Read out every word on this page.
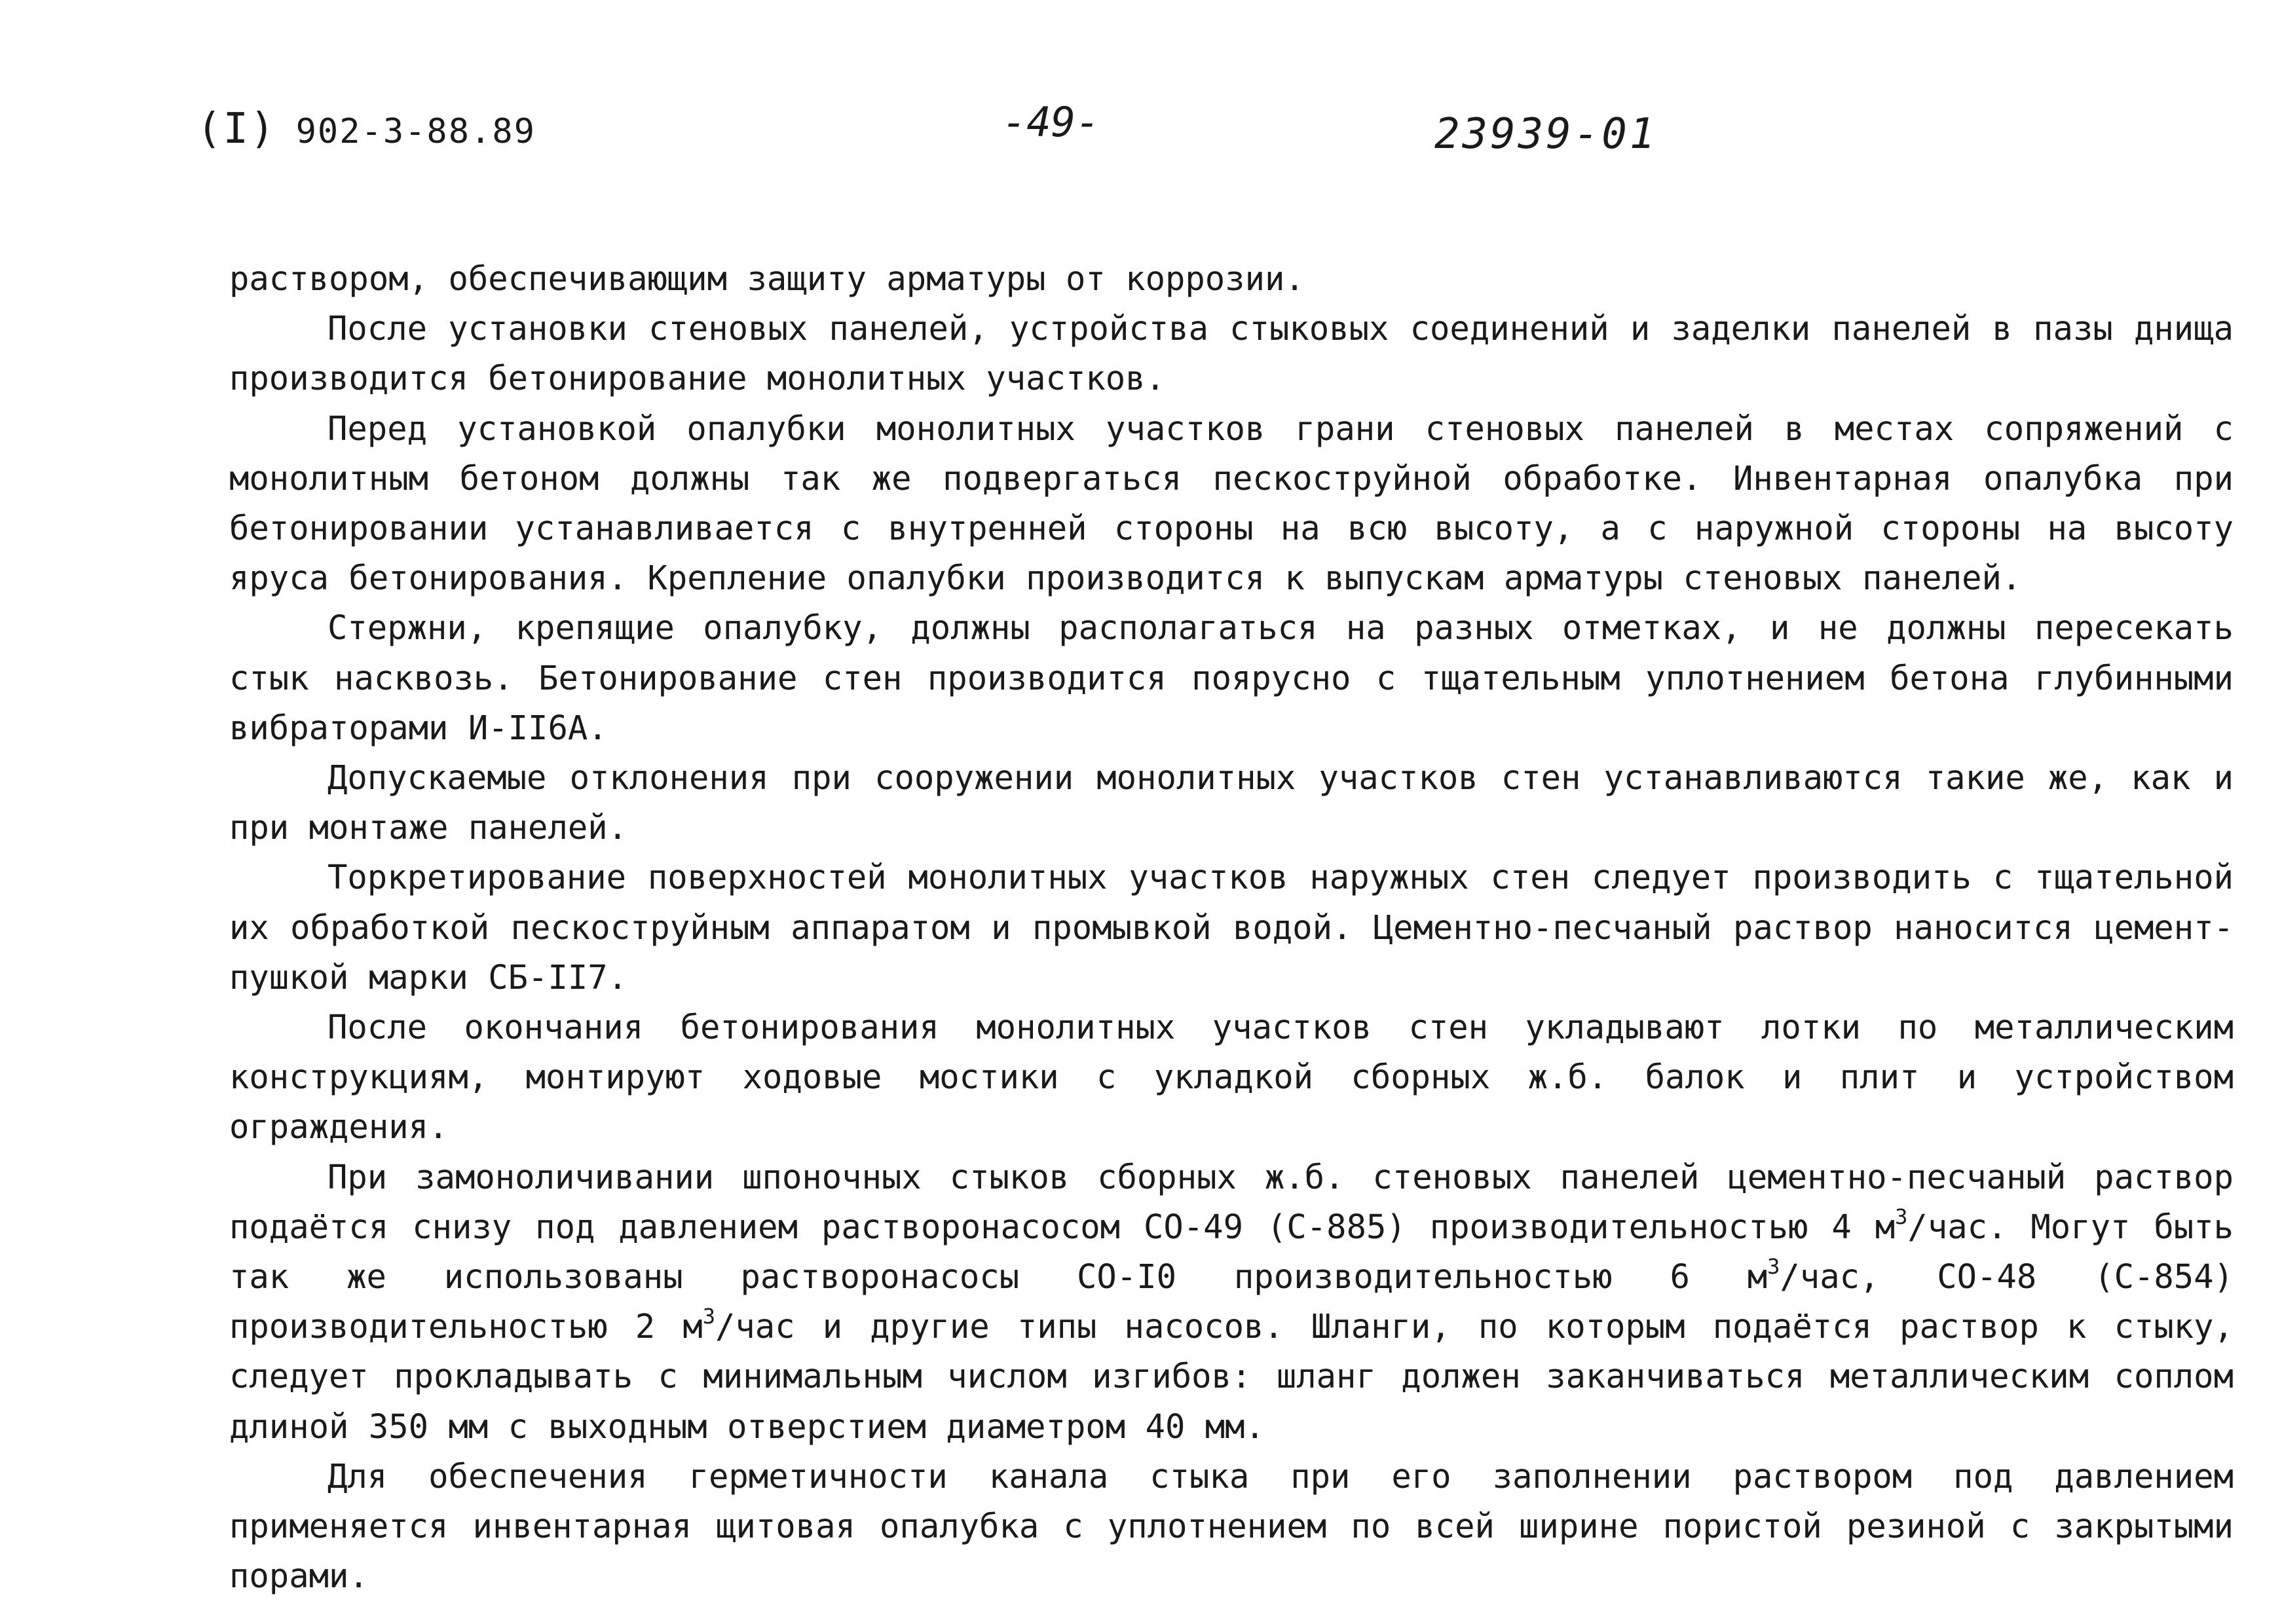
(I) 902-3-88.89	-49-	23939-01

раствором, обеспечивающим защиту арматуры от коррозии.

После установки стеновых панелей, устройства стыковых соединений и заделки панелей в пазы днища производится бетонирование монолитных участков.

Перед установкой опалубки монолитных участков грани стеновых панелей в местах сопряжений с монолитным бетоном должны так же подвергаться пескоструйной обработке. Инвентарная опалубка при бетонировании устанавливается с внутренней стороны на всю высоту, а с наружной стороны на высоту яруса бетонирования. Крепление опалубки производится к выпускам арматуры стеновых панелей.

Стержни, крепящие опалубку, должны располагаться на разных отметках, и не должны пересекать стык насквозь. Бетонирование стен производится поярусно с тщательным уплотнением бетона глубинными вибраторами И-II6А.

Допускаемые отклонения при сооружении монолитных участков стен устанавливаются такие же, как и при монтаже панелей.

Торкретирование поверхностей монолитных участков наружных стен следует производить с тщательной их обработкой пескоструйным аппаратом и промывкой водой. Цементно-песчаный раствор наносится цемент-пушкой марки СБ-II7.

После окончания бетонирования монолитных участков стен укладывают лотки по металлическим конструкциям, монтируют ходовые мостики с укладкой сборных ж.б. балок и плит и устройством ограждения.

При замоноличивании шпоночных стыков сборных ж.б. стеновых панелей цементно-песчаный раствор подаётся снизу под давлением растворонасосом СО-49 (С-885) производительностью 4 $м^3$/час. Могут быть так же использованы растворонасосы СО-I0 производительностью 6 $м^3$/час, СО-48 (С-854) производительностью 2 $м^3$/час и другие типы насосов. Шланги, по которым подаётся раствор к стыку, следует прокладывать с минимальным числом изгибов: шланг должен заканчиваться металлическим соплом длиной 350 мм с выходным отверстием диаметром 40 мм.

Для обеспечения герметичности канала стыка при его заполнении раствором под давлением применяется инвентарная щитовая опалубка с уплотнением по всей ширине пористой резиной с закрытыми порами.
